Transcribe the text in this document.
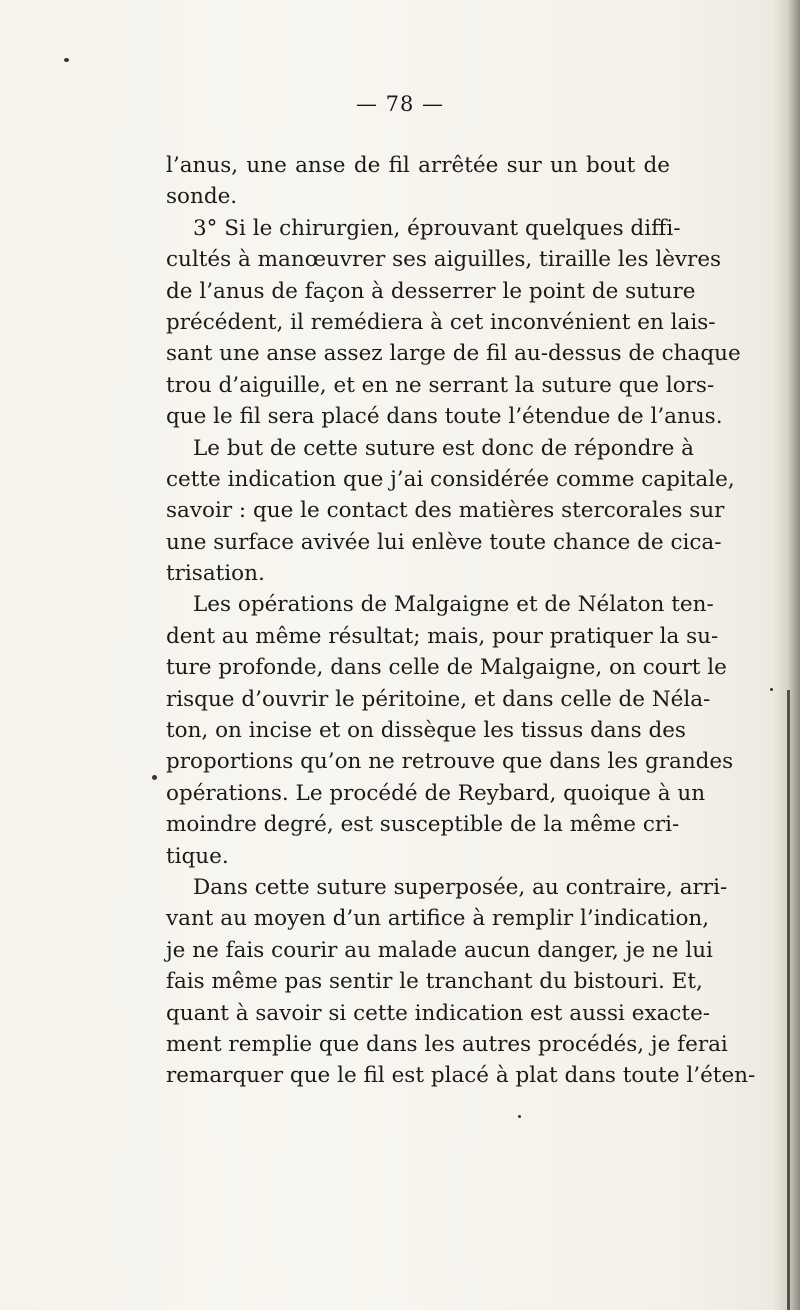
— 78 —
l’anus, une anse de fil arrêtée sur un bout de
sonde.
3° Si le chirurgien, éprouvant quelques diffi-
cultés à manœuvrer ses aiguilles, tiraille les lèvres
de l’anus de façon à desserrer le point de suture
précédent, il remédiera à cet inconvénient en lais-
sant une anse assez large de fil au-dessus de chaque
trou d’aiguille, et en ne serrant la suture que lors-
que le fil sera placé dans toute l’étendue de l’anus.
Le but de cette suture est donc de répondre à
cette indication que j’ai considérée comme capitale,
savoir : que le contact des matières stercorales sur
une surface avivée lui enlève toute chance de cica-
trisation.
Les opérations de Malgaigne et de Nélaton ten-
dent au même résultat; mais, pour pratiquer la su-
ture profonde, dans celle de Malgaigne, on court le
risque d’ouvrir le péritoine, et dans celle de Néla-
ton, on incise et on dissèque les tissus dans des
proportions qu’on ne retrouve que dans les grandes
opérations. Le procédé de Reybard, quoique à un
moindre degré, est susceptible de la même cri-
tique.
Dans cette suture superposée, au contraire, arri-
vant au moyen d’un artifice à remplir l’indication,
je ne fais courir au malade aucun danger, je ne lui
fais même pas sentir le tranchant du bistouri. Et,
quant à savoir si cette indication est aussi exacte-
ment remplie que dans les autres procédés, je ferai
remarquer que le fil est placé à plat dans toute l’éten-
